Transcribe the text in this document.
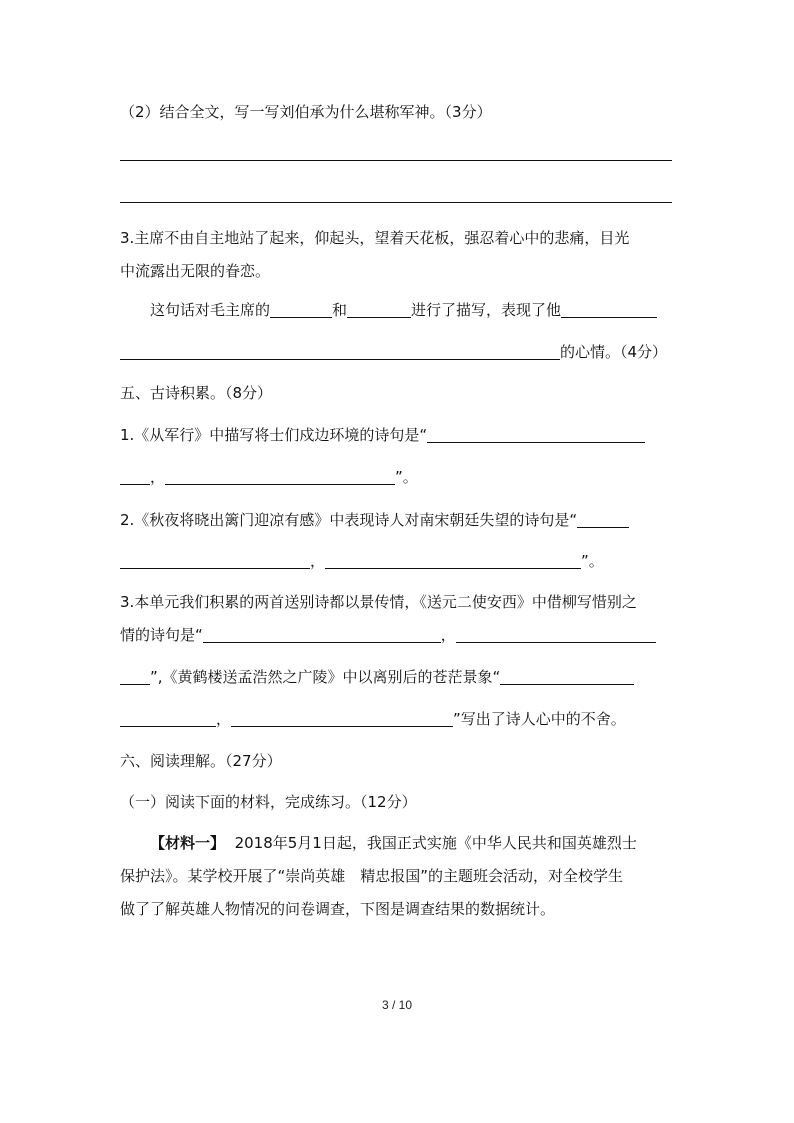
（2）结合全文，写一写刘伯承为什么堪称军神。（3分）
3.主席不由自主地站了起来，仰起头，望着天花板，强忍着心中的悲痛，目光
中流露出无限的眷恋。
这句话对毛主席的	和	进行了描写，表现了他
的心情。（4分）
五、古诗积累。（8分）
1.《从军行》中描写将士们戍边环境的诗句是“
，	”。
2.《秋夜将晓出篱门迎凉有感》中表现诗人对南宋朝廷失望的诗句是“
，	”。
3.本单元我们积累的两首送别诗都以景传情，《送元二使安西》中借柳写惜别之
情的诗句是“	，
”,《黄鹤楼送孟浩然之广陵》中以离别后的苍茫景象“
，	”写出了诗人心中的不舍。
六、阅读理解。（27分）
（一）阅读下面的材料，完成练习。（12分）
【材料一】 2018年5月1日起，我国正式实施《中华人民共和国英雄烈士
保护法》。某学校开展了“崇尚英雄　精忠报国”的主题班会活动，对全校学生
做了了解英雄人物情况的问卷调查，下图是调查结果的数据统计。
3 / 10
